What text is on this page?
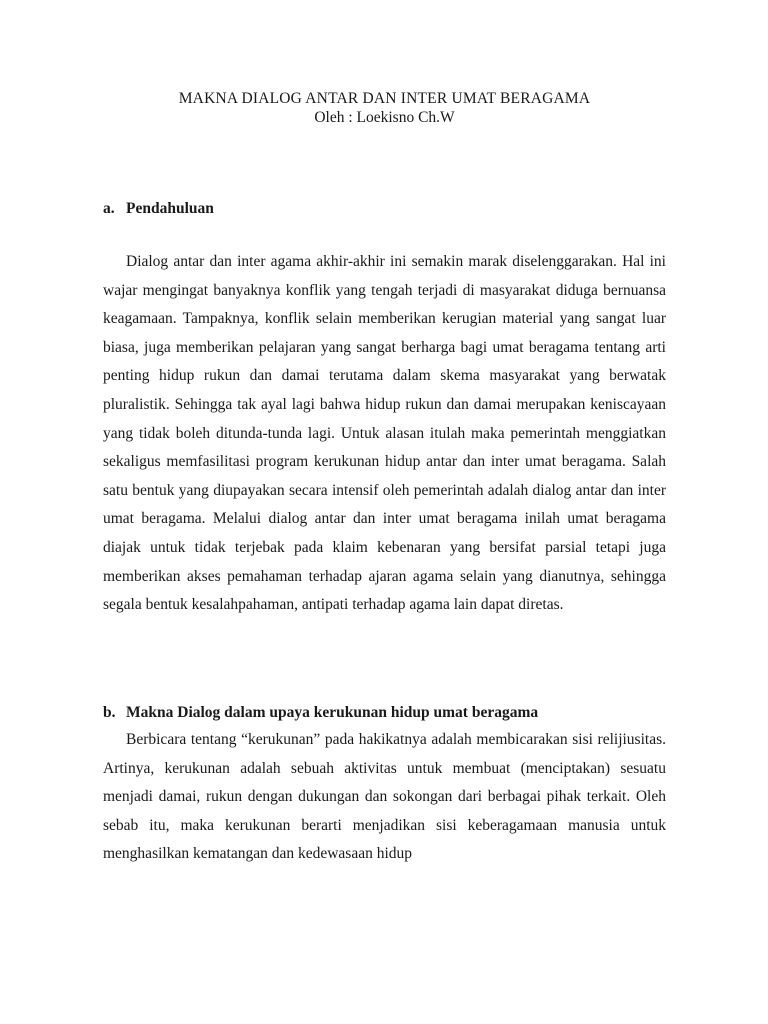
MAKNA DIALOG ANTAR DAN INTER UMAT BERAGAMA
Oleh : Loekisno Ch.W
a. Pendahuluan

Dialog antar dan inter agama akhir-akhir ini semakin marak diselenggarakan. Hal ini wajar mengingat banyaknya konflik yang tengah terjadi di masyarakat diduga bernuansa keagamaan. Tampaknya, konflik selain memberikan kerugian material yang sangat luar biasa, juga memberikan pelajaran yang sangat berharga bagi umat beragama tentang arti penting hidup rukun dan damai terutama dalam skema masyarakat yang berwatak pluralistik. Sehingga tak ayal lagi bahwa hidup rukun dan damai merupakan keniscayaan yang tidak boleh ditunda-tunda lagi. Untuk alasan itulah maka pemerintah menggiatkan sekaligus memfasilitasi program kerukunan hidup antar dan inter umat beragama. Salah satu bentuk yang diupayakan secara intensif oleh pemerintah adalah dialog antar dan inter umat beragama. Melalui dialog antar dan inter umat beragama inilah umat beragama diajak untuk tidak terjebak pada klaim kebenaran yang bersifat parsial tetapi juga memberikan akses pemahaman terhadap ajaran agama selain yang dianutnya, sehingga segala bentuk kesalahpahaman, antipati terhadap agama lain dapat diretas.

b. Makna Dialog dalam upaya kerukunan hidup umat beragama

Berbicara tentang “kerukunan” pada hakikatnya adalah membicarakan sisi relijiusitas. Artinya, kerukunan adalah sebuah aktivitas untuk membuat (menciptakan) sesuatu menjadi damai, rukun dengan dukungan dan sokongan dari berbagai pihak terkait. Oleh sebab itu, maka kerukunan berarti menjadikan sisi keberagamaan manusia untuk menghasilkan kematangan dan kedewasaan hidup
